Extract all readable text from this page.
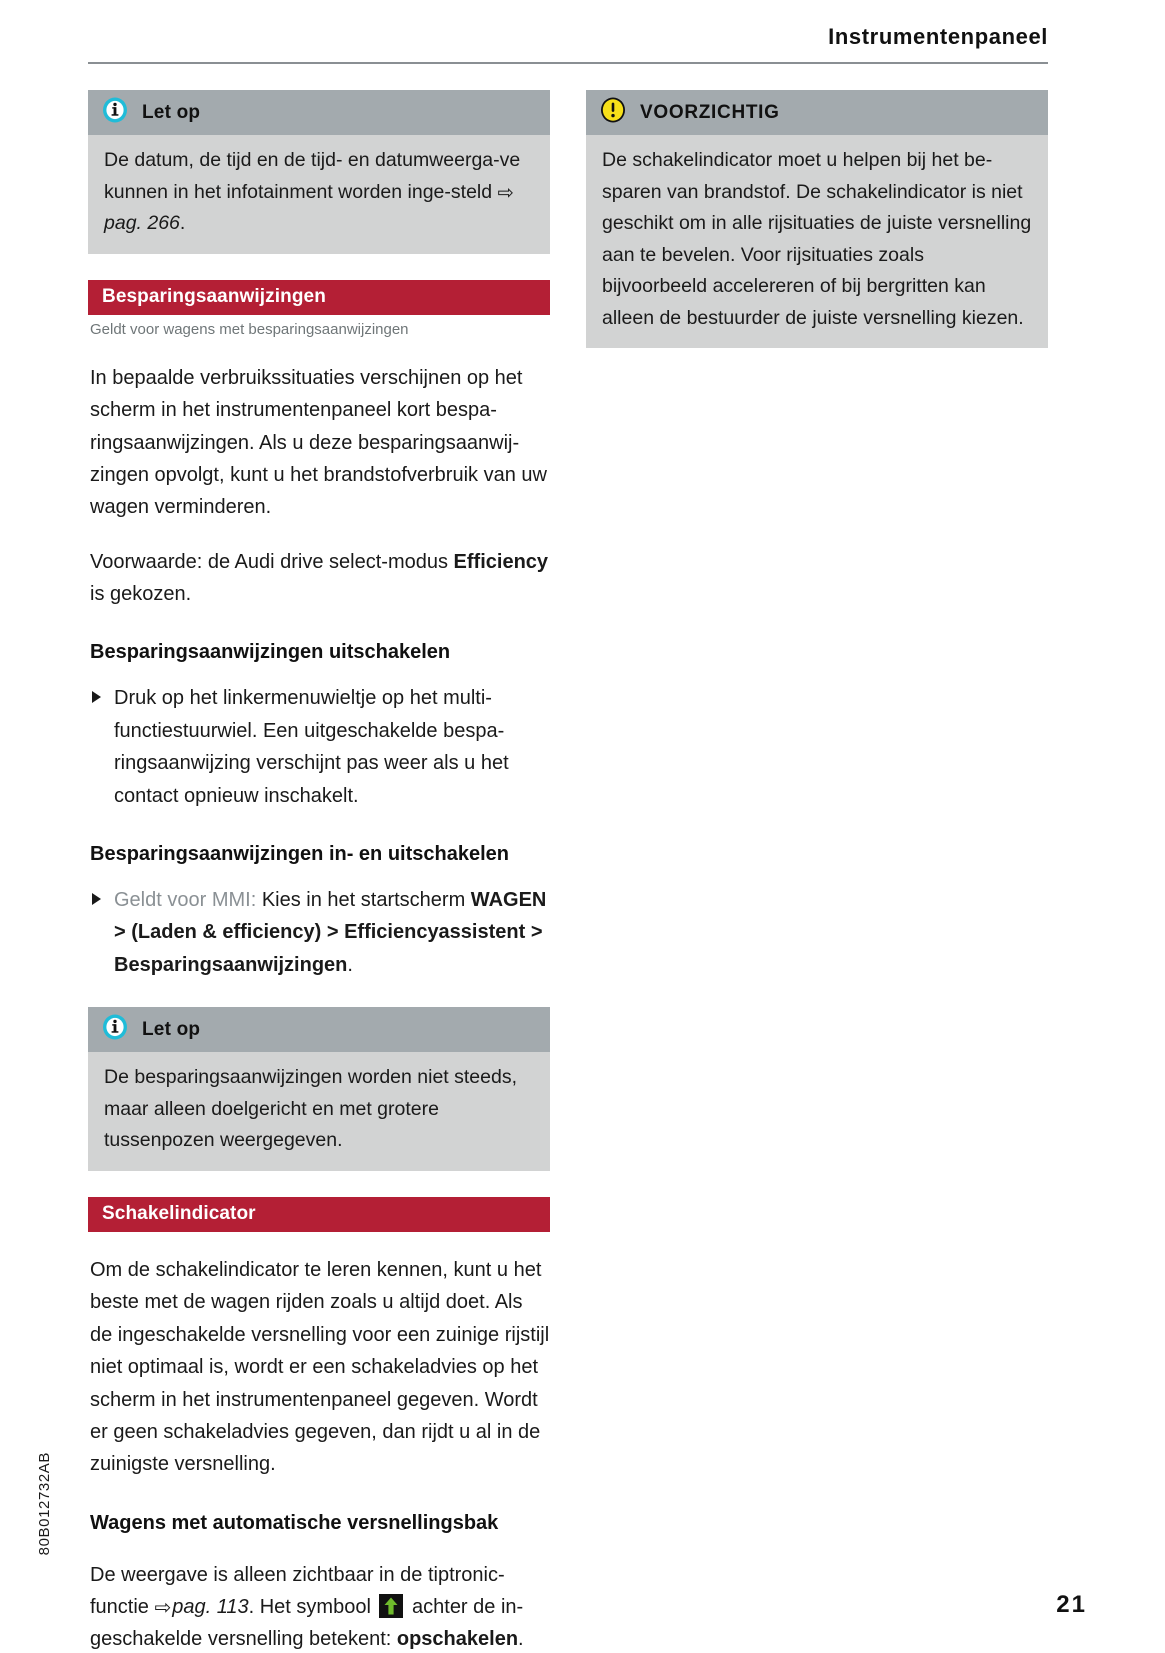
Instrumentenpaneel
Let op
De datum, de tijd en de tijd- en datumweerga-ve kunnen in het infotainment worden inge-steld ⇨pag. 266.
Besparingsaanwijzingen
Geldt voor wagens met besparingsaanwijzingen

In bepaalde verbruikssituaties verschijnen op het scherm in het instrumentenpaneel kort besparingsaanwijzingen. Als u deze besparingsaanwijzingen opvolgt, kunt u het brandstofverbruik van uw wagen verminderen.

Voorwaarde: de Audi drive select-modus Efficiency is gekozen.

Besparingsaanwijzingen uitschakelen
Druk op het linkermenuwieltje op het multifunctiestuurwiel. Een uitgeschakelde besparingsaanwijzing verschijnt pas weer als u het contact opnieuw inschakelt.
Besparingsaanwijzingen in- en uitschakelen
Geldt voor MMI: Kies in het startscherm WAGEN > (Laden & efficiency) > Efficiencyassistent > Besparingsaanwijzingen.
Let op
De besparingsaanwijzingen worden niet steeds, maar alleen doelgericht en met grotere tussenpozen weergegeven.
Schakelindicator

Om de schakelindicator te leren kennen, kunt u het beste met de wagen rijden zoals u altijd doet. Als de ingeschakelde versnelling voor een zuinige rijstijl niet optimaal is, wordt er een schakeladvies op het scherm in het instrumentenpaneel gegeven. Wordt er geen schakeladvies gegeven, dan rijdt u al in de zuinigste versnelling.

Wagens met automatische versnellingsbak

De weergave is alleen zichtbaar in de tiptronic-functie ⇨pag. 113. Het symbool
achter de ingeschakelde versnelling betekent: opschakelen.

VOORZICHTIG
De schakelindicator moet u helpen bij het besparen van brandstof. De schakelindicator is niet geschikt om in alle rijsituaties de juiste versnelling aan te bevelen. Voor rijsituaties zoals bijvoorbeeld accelereren of bij bergritten kan alleen de bestuurder de juiste versnelling kiezen.
80B012732AB
21
